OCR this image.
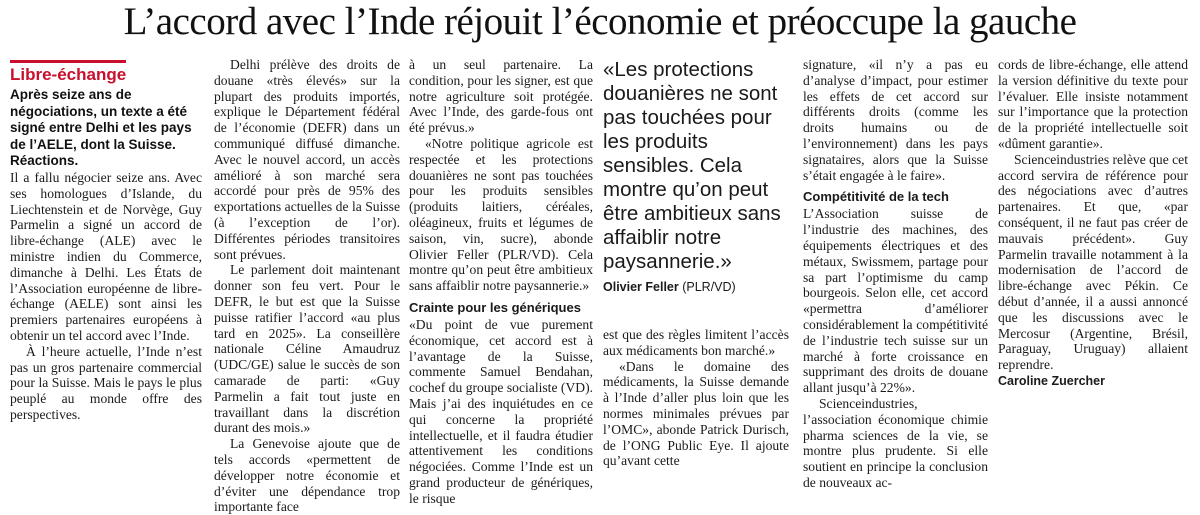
L’accord avec l’Inde réjouit l’économie et préoccupe la gauche
Libre-échange

Après seize ans de négociations, un texte a été signé entre Delhi et les pays de l’AELE, dont la Suisse. Réactions.

Il a fallu négocier seize ans. Avec ses homologues d’Islande, du Liechtenstein et de Norvège, Guy Parmelin a signé un accord de libre-échange (ALE) avec le ministre indien du Commerce, dimanche à Delhi. Les États de l’Association européenne de libre-échange (AELE) sont ainsi les premiers partenaires européens à obtenir un tel accord avec l’Inde.

À l’heure actuelle, l’Inde n’est pas un gros partenaire commercial pour la Suisse. Mais le pays le plus peuplé au monde offre des perspectives.

Delhi prélève des droits de douane «très élevés» sur la plupart des produits importés, explique le Département fédéral de l’économie (DEFR) dans un communiqué diffusé dimanche. Avec le nouvel accord, un accès amélioré à son marché sera accordé pour près de 95% des exportations actuelles de la Suisse (à l’exception de l’or). Différentes périodes transitoires sont prévues.

Le parlement doit maintenant donner son feu vert. Pour le DEFR, le but est que la Suisse puisse ratifier l’accord «au plus tard en 2025». La conseillère nationale Céline Amaudruz (UDC/GE) salue le succès de son camarade de parti: «Guy Parmelin a fait tout juste en travaillant dans la discrétion durant des mois.»

La Genevoise ajoute que de tels accords «permettent de développer notre économie et d’éviter une dépendance trop importante face

à un seul partenaire. La condition, pour les signer, est que notre agriculture soit protégée. Avec l’Inde, des garde-fous ont été prévus.»

«Notre politique agricole est respectée et les protections douanières ne sont pas touchées pour les produits sensibles (produits laitiers, céréales, oléagineux, fruits et légumes de saison, vin, sucre), abonde Olivier Feller (PLR/VD). Cela montre qu’on peut être ambitieux sans affaiblir notre paysannerie.»

Crainte pour les génériques

«Du point de vue purement économique, cet accord est à l’avantage de la Suisse, commente Samuel Bendahan, cochef du groupe socialiste (VD). Mais j’ai des inquiétudes en ce qui concerne la propriété intellectuelle, et il faudra étudier attentivement les conditions négociées. Comme l’Inde est un grand producteur de génériques, le risque

«Les protections douanières ne sont pas touchées pour les produits sensibles. Cela montre qu’on peut être ambitieux sans affaiblir notre paysannerie.»
Olivier Feller (PLR/VD)

est que des règles limitent l’accès aux médicaments bon marché.»

«Dans le domaine des médicaments, la Suisse demande à l’Inde d’aller plus loin que les normes minimales prévues par l’OMC», abonde Patrick Durisch, de l’ONG Public Eye. Il ajoute qu’avant cette

signature, «il n’y a pas eu d’analyse d’impact, pour estimer les effets de cet accord sur différents droits (comme les droits humains ou de l’environnement) dans les pays signataires, alors que la Suisse s’était engagée à le faire».

Compétitivité de la tech

L’Association suisse de l’industrie des machines, des équipements électriques et des métaux, Swissmem, partage pour sa part l’optimisme du camp bourgeois. Selon elle, cet accord «permettra d’améliorer considérablement la compétitivité de l’industrie tech suisse sur un marché à forte croissance en supprimant des droits de douane allant jusqu’à 22%».

Scienceindustries, l’association économique chimie pharma sciences de la vie, se montre plus prudente. Si elle soutient en principe la conclusion de nouveaux ac-

cords de libre-échange, elle attend la version définitive du texte pour l’évaluer. Elle insiste notamment sur l’importance que la protection de la propriété intellectuelle soit «dûment garantie».

Scienceindustries relève que cet accord servira de référence pour des négociations avec d’autres partenaires. Et que, «par conséquent, il ne faut pas créer de mauvais précédent». Guy Parmelin travaille notamment à la modernisation de l’accord de libre-échange avec Pékin. Ce début d’année, il a aussi annoncé que les discussions avec le Mercosur (Argentine, Brésil, Paraguay, Uruguay) allaient reprendre.

Caroline Zuercher
